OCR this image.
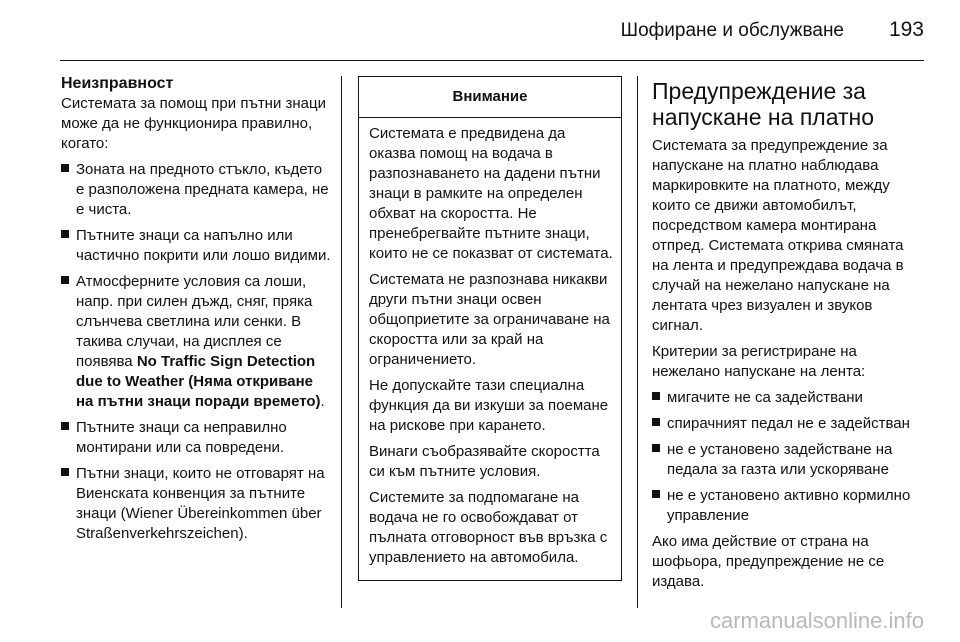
Шофиране и обслужване 193
Неизправност

Системата за помощ при пътни знаци може да не функционира правилно, когато:

Зоната на предното стъкло, където е разположена предната камера, не е чиста.
Пътните знаци са напълно или частично покрити или лошо видими.
Атмосферните условия са лоши, напр. при силен дъжд, сняг, пряка слънчева светлина или сенки. В такива случаи, на дисплея се появява No Traffic Sign Detection due to Weather (Няма откриване на пътни знаци поради времето).
Пътните знаци са неправилно монтирани или са повредени.
Пътни знаци, които не отговарят на Виенската конвенция за пътните знаци (Wiener Übereinkommen über Straßenverkehrszeichen).
Внимание

Системата е предвидена да оказва помощ на водача в разпознаването на дадени пътни знаци в рамките на определен обхват на скоростта. Не пренебрегвайте пътните знаци, които не се показват от системата.

Системата не разпознава никакви други пътни знаци освен общоприетите за ограничаване на скоростта или за край на ограничението.

Не допускайте тази специална функция да ви изкуши за поемане на рискове при карането.

Винаги съобразявайте скоростта си към пътните условия.

Системите за подпомагане на водача не го освобождават от пълната отговорност във връзка с управлението на автомобила.

Предупреждение за напускане на платно

Системата за предупреждение за напускане на платно наблюдава маркировките на платното, между които се движи автомобилът, посредством камера монтирана отпред. Системата открива смяната на лента и предупреждава водача в случай на нежелано напускане на лентата чрез визуален и звуков сигнал.

Критерии за регистриране на нежелано напускане на лента:

мигачите не са задействани
спирачният педал не е задействан
не е установено задействане на педала за газта или ускоряване
не е установено активно кормилно управление

Ако има действие от страна на шофьора, предупреждение не се издава.

carmanualsonline.info
